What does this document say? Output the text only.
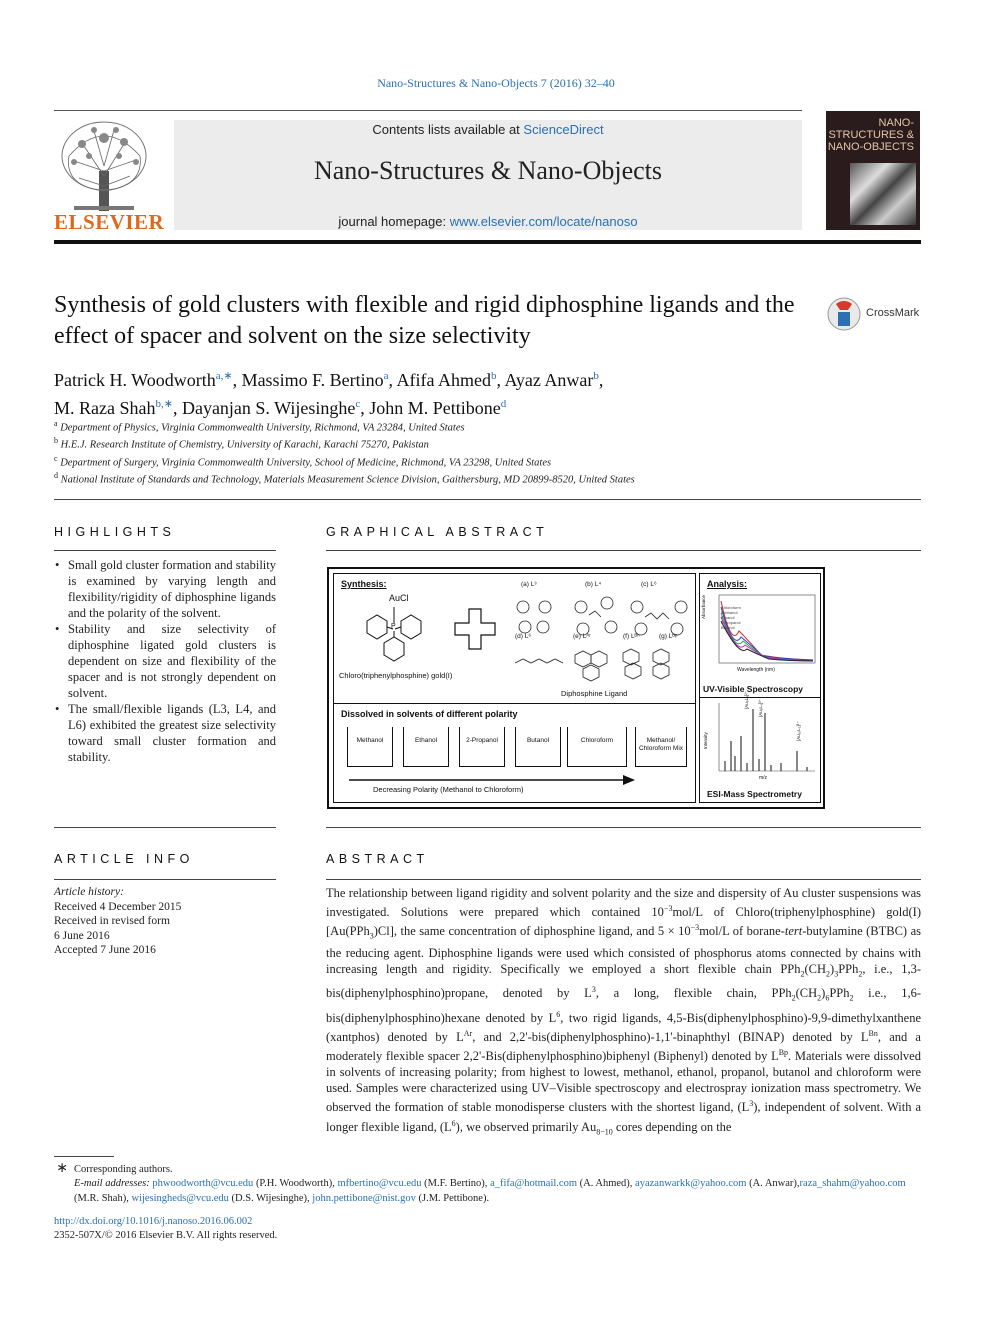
Nano-Structures & Nano-Objects 7 (2016) 32–40
ELSEVIER
Contents lists available at ScienceDirect
Nano-Structures & Nano-Objects
journal homepage: www.elsevier.com/locate/nanoso
NANO-STRUCTURES & NANO-OBJECTS
Synthesis of gold clusters with flexible and rigid diphosphine ligands and the effect of spacer and solvent on the size selectivity
CrossMark
Patrick H. Woodworth$^{a,∗}$, Massimo F. Bertino$^a$, Afifa Ahmed$^b$, Ayaz Anwar$^b$,
M. Raza Shah$^{b,∗}$, Dayanjan S. Wijesinghe$^c$, John M. Pettibone$^d$
$^a$ Department of Physics, Virginia Commonwealth University, Richmond, VA 23284, United States
$^b$ H.E.J. Research Institute of Chemistry, University of Karachi, Karachi 75270, Pakistan
$^c$ Department of Surgery, Virginia Commonwealth University, School of Medicine, Richmond, VA 23298, United States
$^d$ National Institute of Standards and Technology, Materials Measurement Science Division, Gaithersburg, MD 20899-8520, United States
HIGHLIGHTS
• Small gold cluster formation and stability is examined by varying length and flexibility/rigidity of diphosphine ligands and the polarity of the solvent.
• Stability and size selectivity of diphosphine ligated gold clusters is dependent on size and flexibility of the spacer and is not strongly dependent on solvent.
• The small/flexible ligands (L3, L4, and L6) exhibited the greatest size selectivity toward small cluster formation and stability.
GRAPHICAL ABSTRACT
Synthesis:
AuCl
P
Chloro(triphenylphosphine) gold(I)
(a) L³	(b) L⁴	(c) L⁶
(d) L⁶	(e) Lᴬʳ	(f) Lᴮⁿ	(g) Lᴮᵖ
Diphosphine Ligand
Dissolved in solvents of different polarity
Decreasing Polarity (Methanol to Chloroform)
Analysis:
Chloroform
Methanol
Ethanol
2-Propanol
Butanol
Wavelength (nm)
Absorbance
UV-Visible Spectroscopy
[Au₈L₄]²⁺ [Au₉L₄]³⁺
[Au₁₀L₅]²⁺
Intensity
m/z
ESI-Mass Spectrometry
Methanol	Ethanol	2-Propanol	Butanol	Chloroform	Methanol/ Chloroform Mix
ARTICLE INFO
Article history:
Received 4 December 2015
Received in revised form
6 June 2016
Accepted 7 June 2016
ABSTRACT
The relationship between ligand rigidity and solvent polarity and the size and dispersity of Au cluster suspensions was investigated. Solutions were prepared which contained $10^{-3}mol/L$ of Chloro(triphenylphosphine) gold(I) [Au(PPh$_3$)Cl], the same concentration of diphosphine ligand, and $5 \times 10^{-3}mol/L$ of borane-tert-butylamine (BTBC) as the reducing agent. Diphosphine ligands were used which consisted of phosphorus atoms connected by chains with increasing length and rigidity. Specifically we employed a short flexible chain $PPh_2(CH_2)_3PPh_2$, i.e., 1,3-bis(diphenylphosphino)propane, denoted by $L^3$, a long, flexible chain, $PPh_2(CH_2)_6PPh_2$ i.e., 1,6-bis(diphenylphosphino)hexane denoted by $L^6$, two rigid ligands, 4,5-Bis(diphenylphosphino)-9,9-dimethylxanthene (xantphos) denoted by $L^{Ar}$, and 2,2'-bis(diphenylphosphino)-1,1'-binaphthyl (BINAP) denoted by $L^{Bn}$, and a moderately flexible spacer 2,2'-Bis(diphenylphosphino)biphenyl (Biphenyl) denoted by $L^{Bp}$. Materials were dissolved in solvents of increasing polarity; from highest to lowest, methanol, ethanol, propanol, butanol and chloroform were used. Samples were characterized using UV–Visible spectroscopy and electrospray ionization mass spectrometry. We observed the formation of stable monodisperse clusters with the shortest ligand, $(L^3)$, independent of solvent. With a longer flexible ligand, $(L^6)$, we observed primarily $Au_{8-10}$ cores depending on the
∗ Corresponding authors.
E-mail addresses: phwoodworth@vcu.edu (P.H. Woodworth), mfbertino@vcu.edu (M.F. Bertino), a_fifa@hotmail.com (A. Ahmed), ayazanwarkk@yahoo.com (A. Anwar),raza_shahm@yahoo.com (M.R. Shah), wijesingheds@vcu.edu (D.S. Wijesinghe), john.pettibone@nist.gov (J.M. Pettibone).
http://dx.doi.org/10.1016/j.nanoso.2016.06.002
2352-507X/© 2016 Elsevier B.V. All rights reserved.
